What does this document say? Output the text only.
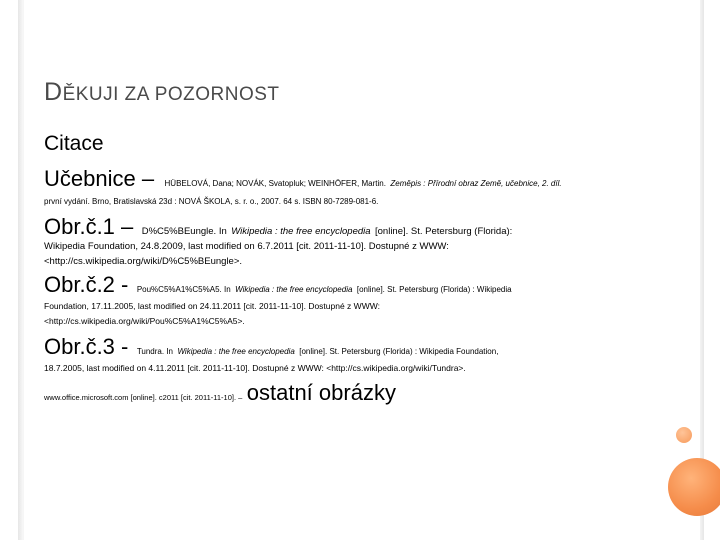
DĚKUJI ZA POZORNOST
Citace
Učebnice – HÜBELOVÁ, Dana; NOVÁK, Svatopluk; WEINHÖFER, Martin. Zeměpis : Přírodní obraz Země, učebnice, 2. díl.
první vydání. Brno, Bratislavská 23d : NOVÁ ŠKOLA, s. r. o., 2007. 64 s. ISBN 80-7289-081-6.
Obr.č.1 – D%C5%BEungle. In Wikipedia : the free encyclopedia [online]. St. Petersburg (Florida):
Wikipedia Foundation, 24.8.2009, last modified on 6.7.2011 [cit. 2011-11-10]. Dostupné z WWW:
<http://cs.wikipedia.org/wiki/D%C5%BEungle>.
Obr.č.2 - Pou%C5%A1%C5%A5. In Wikipedia : the free encyclopedia [online]. St. Petersburg (Florida) : Wikipedia
Foundation, 17.11.2005, last modified on 24.11.2011 [cit. 2011-11-10]. Dostupné z WWW:
<http://cs.wikipedia.org/wiki/Pou%C5%A1%C5%A5>.
Obr.č.3 - Tundra. In Wikipedia : the free encyclopedia [online]. St. Petersburg (Florida) : Wikipedia Foundation,
18.7.2005, last modified on 4.11.2011 [cit. 2011-11-10]. Dostupné z WWW: <http://cs.wikipedia.org/wiki/Tundra>.
www.office.microsoft.com [online]. c2011 [cit. 2011-11-10]. – ostatní obrázky
